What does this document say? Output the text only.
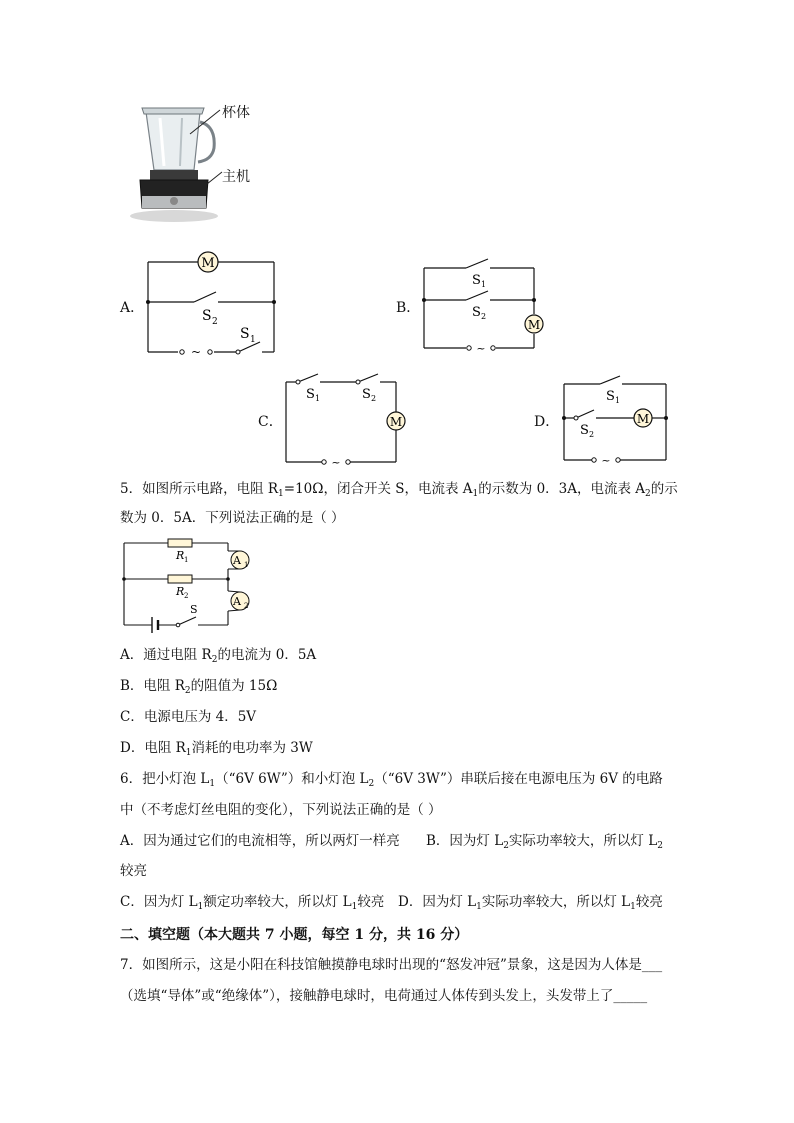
杯体
主机
A．
M
~
S 2
S 1
B．
M
~
S 1
S 2
C．	M
~
S 1	S 2
D．	M
~
S 1
S 2
5．如图所示电路，电阻 $R_1=10\Omega$，闭合开关 S，电流表 $A_1$的示数为 0．3A，电流表 $A_2$的示
数为 0．5A．下列说法正确的是（ ）
A 1
A 2
R 1
R 2
S
A．通过电阻 $R_2$的电流为 0．5A
B．电阻 $R_2$的阻值为 15Ω
C．电源电压为 4．5V
D．电阻 $R_1$消耗的电功率为 3W
6．把小灯泡 $L_1(“6V$ 6W”）和小灯泡 $L_2(“6V$ 3W”）串联后接在电源电压为 6V 的电路
中（不考虑灯丝电阻的变化），下列说法正确的是（ ）
A．因为通过它们的电流相等，所以两灯一样亮 B．因为灯 $L_2$实际功率较大，所以灯 $L_2$
较亮
C．因为灯 $L_1$额定功率较大，所以灯 $L_1$较亮 D．因为灯 $L_1$实际功率较大，所以灯 $L_1$较亮
二、填空题（本大题共 7 小题，每空 1 分，共 16 分）
7．如图所示，这是小阳在科技馆触摸静电球时出现的“怒发冲冠”景象，这是因为人体是___
（选填“导体”或“绝缘体”），接触静电球时，电荷通过人体传到头发上，头发带上了_____
